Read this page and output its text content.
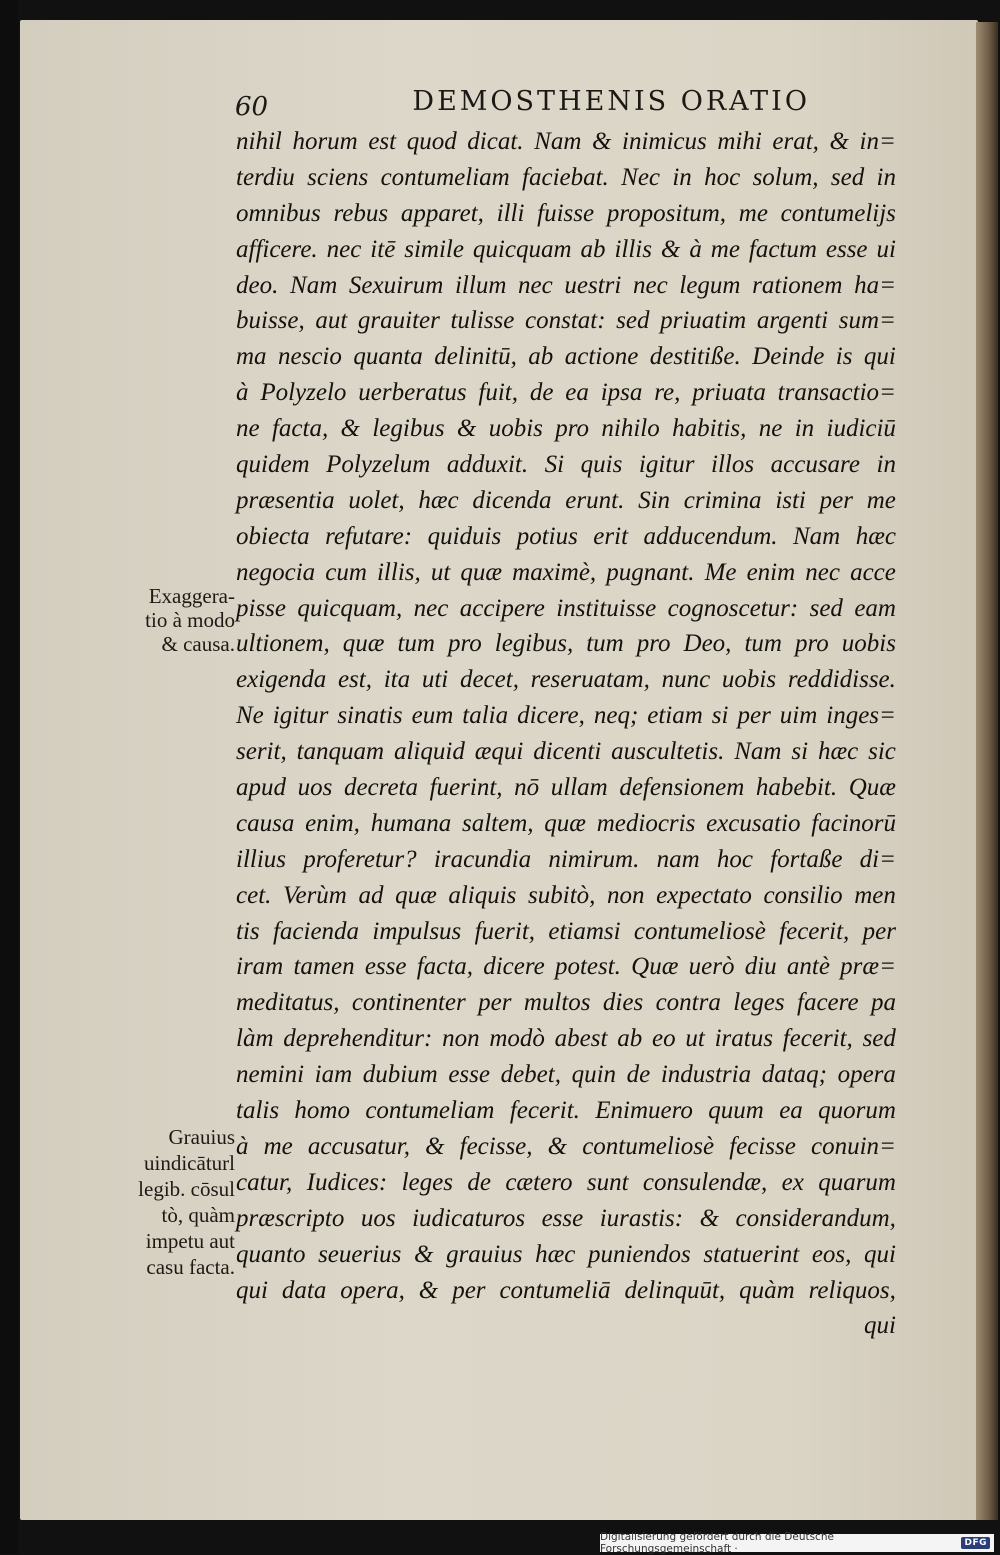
60	DEMOSTHENIS ORATIO
nihil horum est quod dicat. Nam & inimicus mihi erat, & in=
terdiu sciens contumeliam faciebat. Nec in hoc solum, sed in
omnibus rebus apparet, illi fuisse propositum, me contumelijs
afficere. nec itē simile quicquam ab illis & à me factum esse ui
deo. Nam Sexuirum illum nec uestri nec legum rationem ha=
buisse, aut grauiter tulisse constat: sed priuatim argenti sum=
ma nescio quanta delinitū, ab actione destitiße. Deinde is qui
à Polyzelo uerberatus fuit, de ea ipsa re, priuata transactio=
ne facta, & legibus & uobis pro nihilo habitis, ne in iudiciū
quidem Polyzelum adduxit. Si quis igitur illos accusare in
præsentia uolet, hæc dicenda erunt. Sin crimina isti per me
obiecta refutare: quiduis potius erit adducendum. Nam hæc
negocia cum illis, ut quæ maximè, pugnant. Me enim nec acce
pisse quicquam, nec accipere instituisse cognoscetur: sed eam
ultionem, quæ tum pro legibus, tum pro Deo, tum pro uobis
exigenda est, ita uti decet, reseruatam, nunc uobis reddidisse.
Ne igitur sinatis eum talia dicere, neq; etiam si per uim inges=
serit, tanquam aliquid æqui dicenti auscultetis. Nam si hæc sic
apud uos decreta fuerint, nō ullam defensionem habebit. Quæ
causa enim, humana saltem, quæ mediocris excusatio facinorū
illius proferetur? iracundia nimirum. nam hoc fortaße di=
cet. Verùm ad quæ aliquis subitò, non expectato consilio men
tis facienda impulsus fuerit, etiamsi contumeliosè fecerit, per
iram tamen esse facta, dicere potest. Quæ uerò diu antè præ=
meditatus, continenter per multos dies contra leges facere pa
làm deprehenditur: non modò abest ab eo ut iratus fecerit, sed
nemini iam dubium esse debet, quin de industria dataq; opera
talis homo contumeliam fecerit. Enimuero quum ea quorum
à me accusatur, & fecisse, & contumeliosè fecisse conuin=
catur, Iudices: leges de cætero sunt consulendæ, ex quarum
præscripto uos iudicaturos esse iurastis: & considerandum,
quanto seuerius & grauius hæc puniendos statuerint eos, qui
qui data opera, & per contumeliā delinquūt, quàm reliquos,
qui
Exaggera-
tio à modo
& causa.
Grauius
uindicāturl
legib. cōsul
tò, quàm
impetu aut
casu facta.
Digitalisierung gefördert durch die Deutsche Forschungsgemeinschaft ·	DFG
